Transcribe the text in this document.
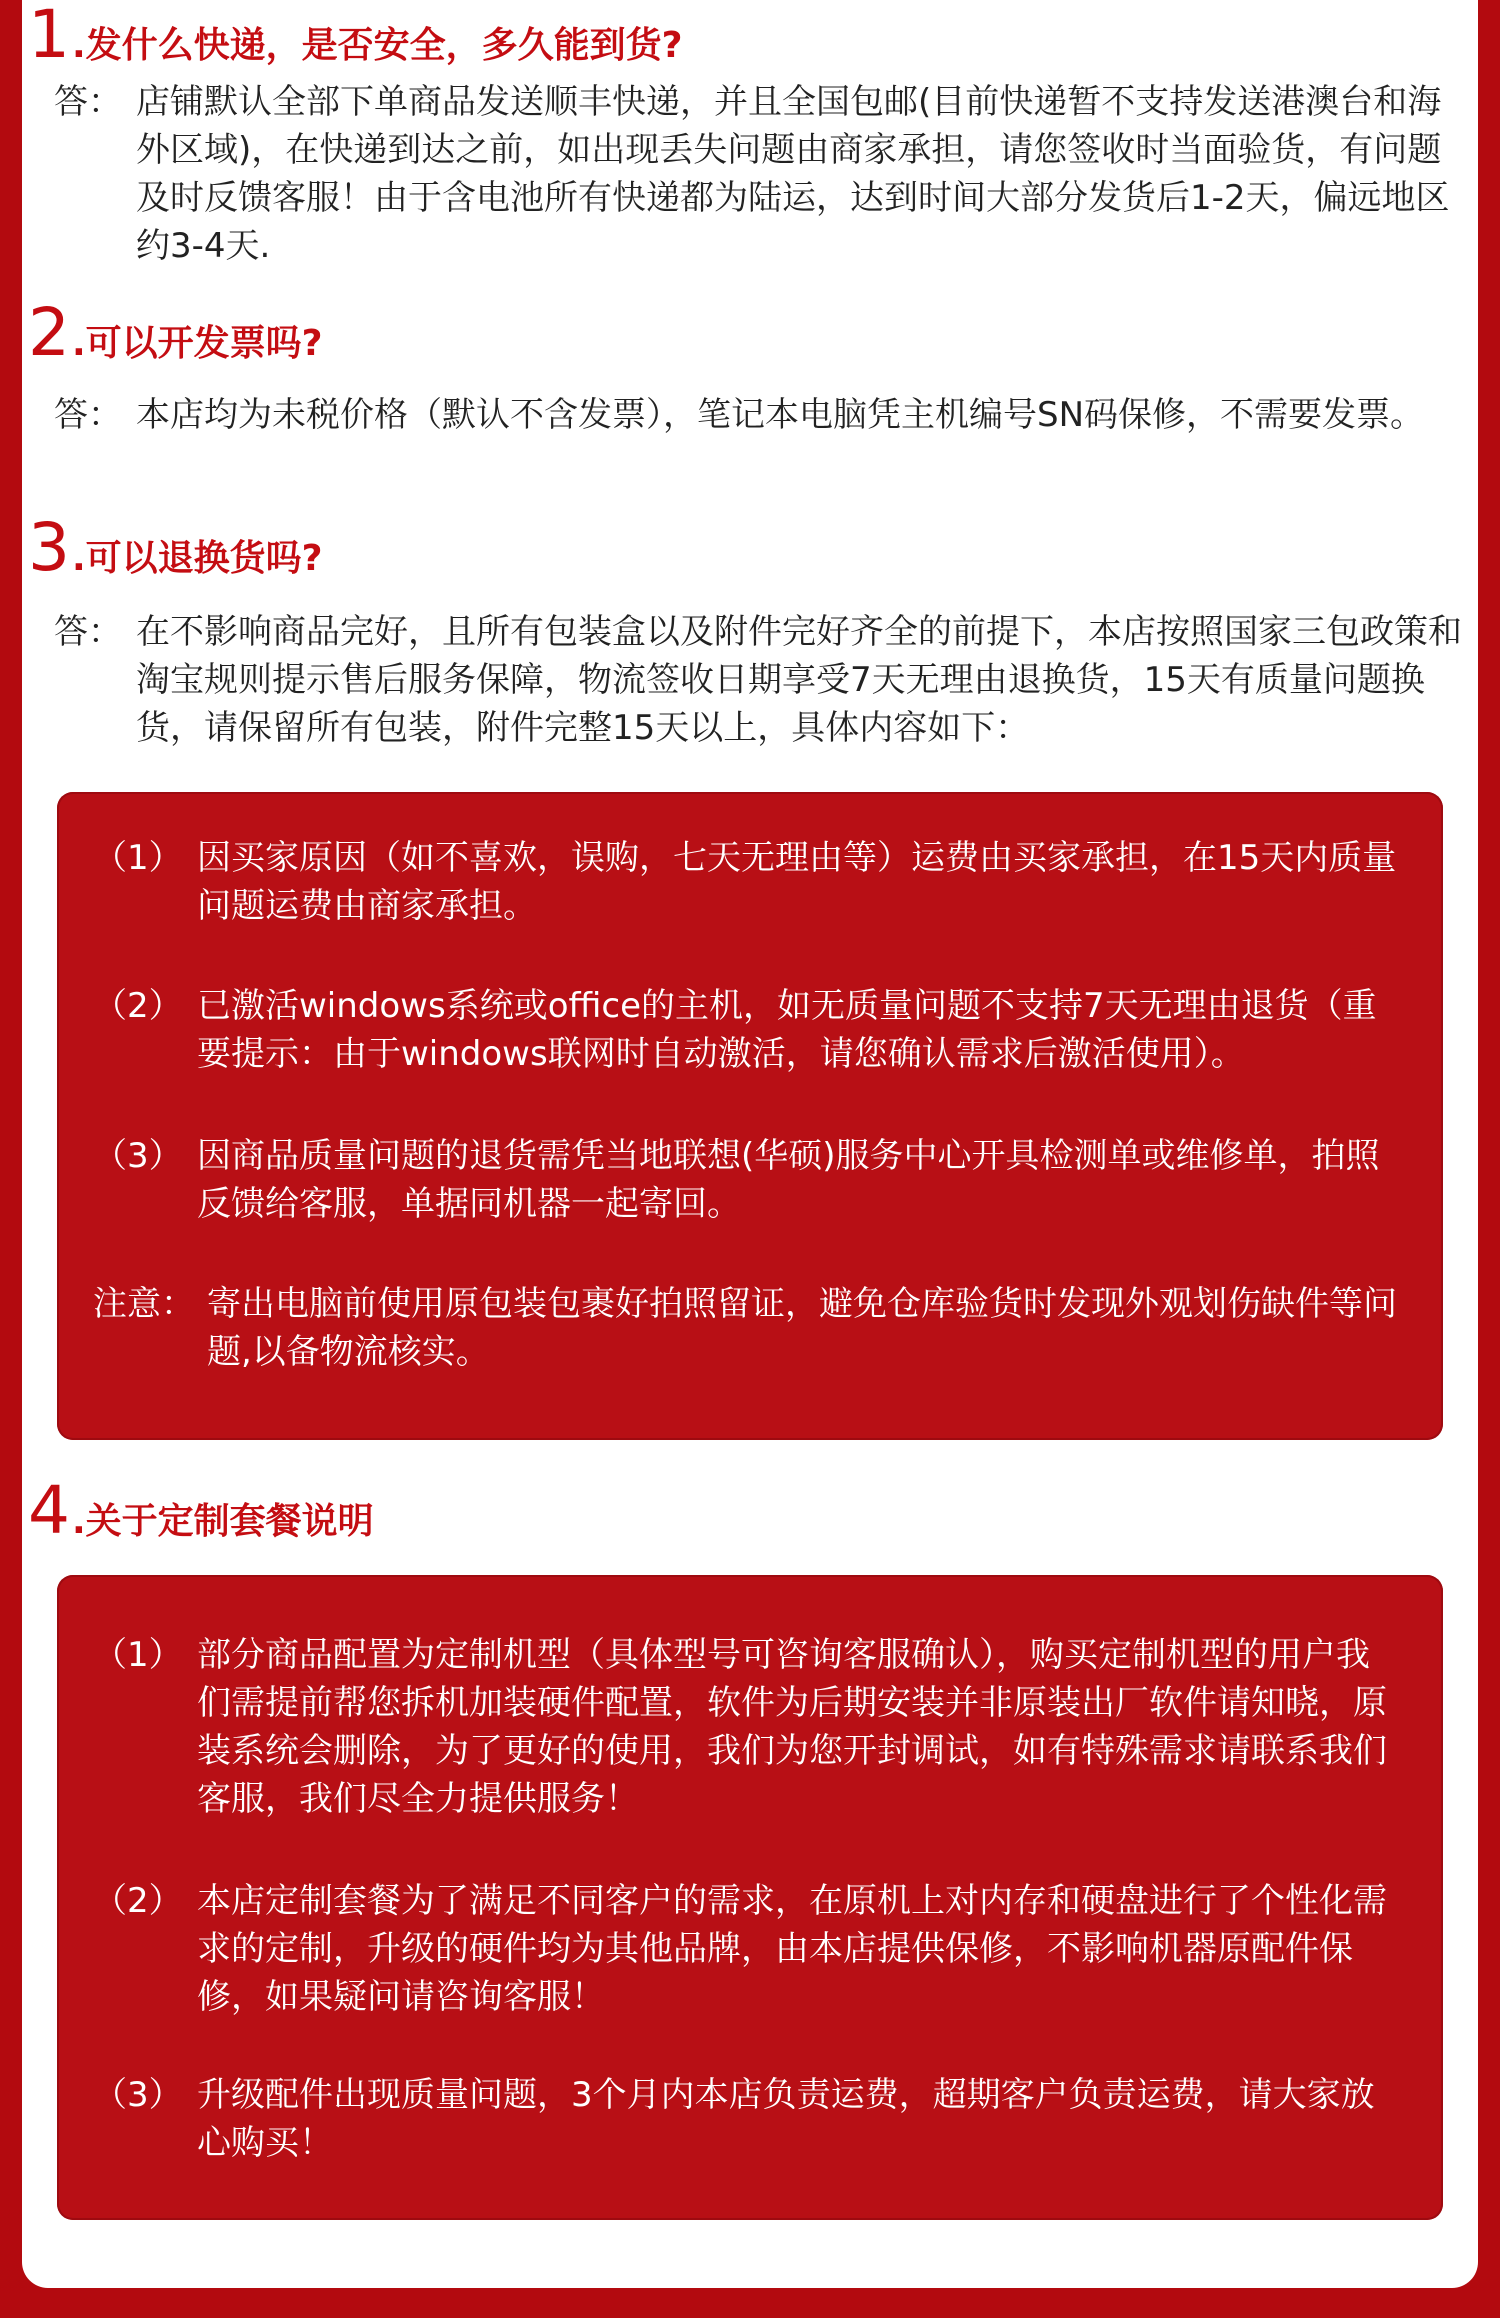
1 .发什么快递，是否安全，多久能到货?
答： 店铺默认全部下单商品发送顺丰快递，并且全国包邮(目前快递暂不支持发送港澳台和海外区域)，在快递到达之前，如出现丢失问题由商家承担，请您签收时当面验货，有问题及时反馈客服！由于含电池所有快递都为陆运，达到时间大部分发货后1-2天，偏远地区约3-4天.
2 .可以开发票吗?
答： 本店均为未税价格（默认不含发票），笔记本电脑凭主机编号SN码保修，不需要发票。
3 .可以退换货吗?
答： 在不影响商品完好，且所有包装盒以及附件完好齐全的前提下，本店按照国家三包政策和淘宝规则提示售后服务保障，物流签收日期享受7天无理由退换货，15天有质量问题换货，请保留所有包装，附件完整15天以上，具体内容如下：
（1） 因买家原因（如不喜欢，误购，七天无理由等）运费由买家承担，在15天内质量问题运费由商家承担。
（2） 已激活windows系统或office的主机，如无质量问题不支持7天无理由退货（重要提示：由于windows联网时自动激活，请您确认需求后激活使用）。
（3） 因商品质量问题的退货需凭当地联想(华硕)服务中心开具检测单或维修单，拍照反馈给客服，单据同机器一起寄回。
注意： 寄出电脑前使用原包装包裹好拍照留证，避免仓库验货时发现外观划伤缺件等问题,以备物流核实。
4 .关于定制套餐说明
（1） 部分商品配置为定制机型（具体型号可咨询客服确认），购买定制机型的用户我们需提前帮您拆机加装硬件配置，软件为后期安装并非原装出厂软件请知晓，原装系统会删除，为了更好的使用，我们为您开封调试，如有特殊需求请联系我们客服，我们尽全力提供服务！
（2） 本店定制套餐为了满足不同客户的需求，在原机上对内存和硬盘进行了个性化需求的定制，升级的硬件均为其他品牌，由本店提供保修，不影响机器原配件保修，如果疑问请咨询客服！
（3） 升级配件出现质量问题，3个月内本店负责运费，超期客户负责运费，请大家放心购买！
